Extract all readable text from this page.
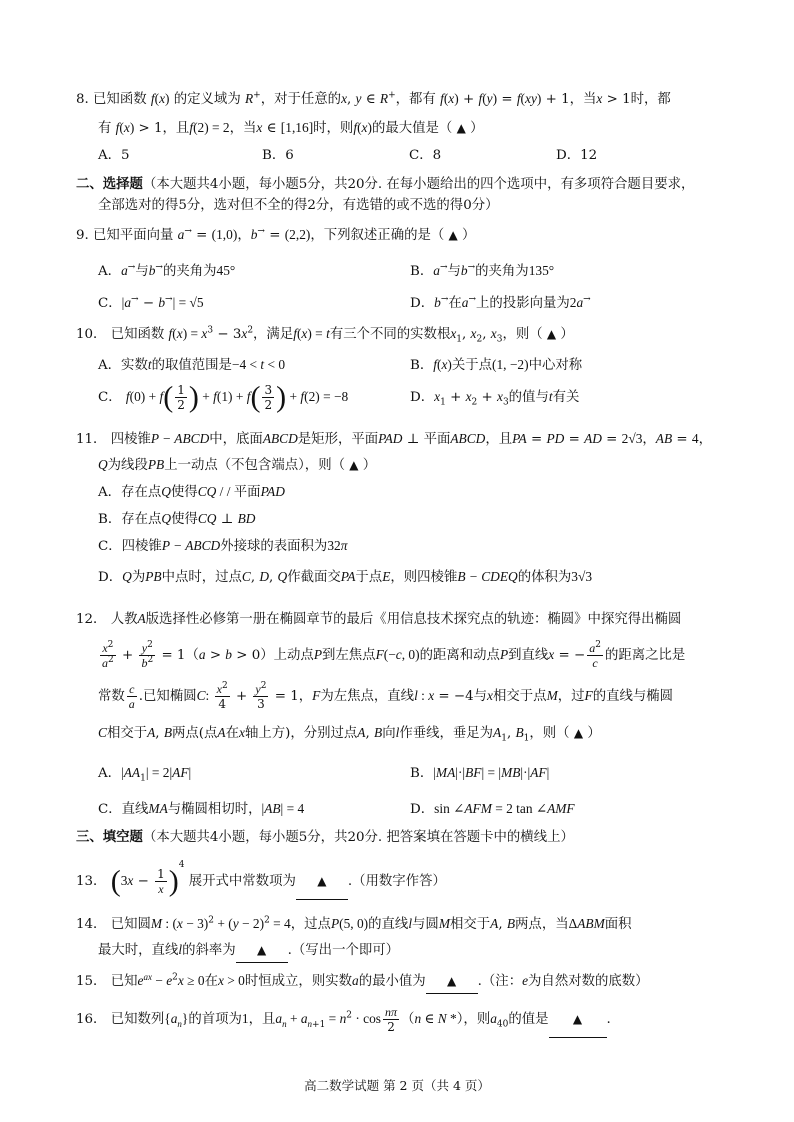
8. 已知函数 f(x) 的定义域为 R+，对于任意的x, y ∈ R+，都有 f(x) + f(y) = f(xy) + 1，当x > 1时，都
有 f(x) > 1，且f(2) = 2，当x ∈ [1,16]时，则f(x)的最大值是（ ▲ ）
A．5	B．6	C．8	D．12
二、选择题（本大题共4小题，每小题5分，共20分. 在每小题给出的四个选项中，有多项符合题目要求，
全部选对的得5分，选对但不全的得2分，有选错的或不选的得0分）
9. 已知平面向量 a→ = (1,0)，b→ = (2,2)，下列叙述正确的是（ ▲ ）
A．a→与b→的夹角为45°	B．a→与b→的夹角为135°
C．|a→ − b→| = √5	D．b→在a→上的投影向量为2a→
10． 已知函数 $f(x) = x^3 - 3x^2$，满足f(x) = t有三个不同的实数根$x_1$, $x_2$, $x_3$，则（ ▲ ）
A．实数t的取值范围是−4 < t < 0	B．f(x)关于点(1, −2)中心对称
C． $f(0) + f( \frac{1}{2}$ ) + $f(1) + f( \frac{3}{2}$ ) + f(2) = −8	D．$x_1 + x_2 + x_3$的值与t有关
11． 四棱锥P − ABCD中，底面ABCD是矩形，平面PAD ⊥ 平面ABCD，且PA = PD = AD = 2√3，AB = 4，
Q为线段PB上一动点（不包含端点），则（ ▲ ）
A．存在点Q使得CQ / / 平面PAD
B．存在点Q使得CQ ⊥ BD
C．四棱锥P − ABCD外接球的表面积为32π
D．Q为PB中点时，过点C, D, Q作截面交PA于点E，则四棱锥B − CDEQ的体积为3√3
12． 人教A版选择性必修第一册在椭圆章节的最后《用信息技术探究点的轨迹：椭圆》中探究得出椭圆
$\frac{x^2}{a^2} + \frac{y^2}{b^2} = 1(a > b > 0)$上动点P到左焦点F(−c, 0)的距离和动点P到直线x = − $\frac{a^2}{c}$ 的距离之比是
常数 $\frac{c}{a}$ .已知椭圆C: $\frac{x^2}{4} + \frac{y^2}{3} = 1$，F为左焦点，直线l : x = −4与x相交于点M，过F的直线与椭圆
C相交于A, B两点(点A在x轴上方)，分别过点A, B向l作垂线，垂足为$A_1$, $B_1$，则（ ▲ ）
A．$|AA_1| = 2|AF|$	B．|MA|·|BF| = |MB|·|AF|
C．直线MA与椭圆相切时，|AB| = 4	D．sin ∠AFM = 2 tan ∠AMF
三、填空题（本大题共4小题，每小题5分，共20分. 把答案填在答题卡中的横线上）
13． $(3x - \frac{1}{x} )^4$ 展开式中常数项为 ▲ .（用数字作答）
14． 已知圆M : $(x - 3)^2 + (y - 2)^2 = 4$，过点P(5, 0)的直线l与圆M相交于A, B两点，当ΔABM面积
最大时，直线l的斜率为 ▲ .（写出一个即可）
15． 已知$e^{ax} - e^2x \ge 0$在x > 0时恒成立，则实数a的最小值为 ▲ .（注：e为自然对数的底数）
16． 已知数列$\{a_n\}$的首项为1，且$a_n + a_{n+1} = n^2 \cdot \cos \frac{n\pi}{2} (n$ ∈ N *），则$a_{40}$的值是 ▲ .
高二数学试题 第 2 页（共 4 页）
